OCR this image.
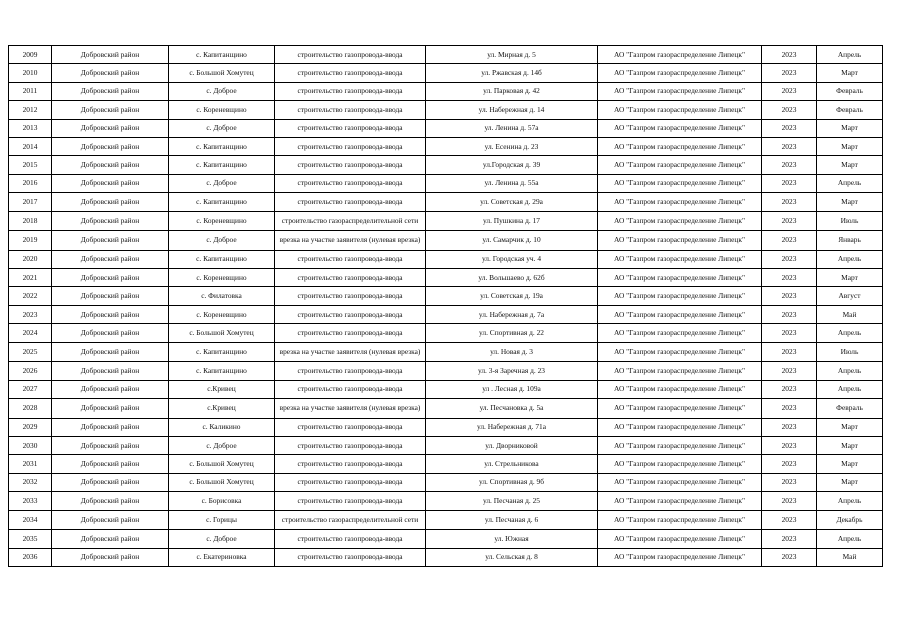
2009	Добровский район	с. Капитанщино	строительство газопровода-ввода	ул. Мирная д. 5	АО "Газпром газораспределение Липецк"	2023	Апрель
2010	Добровский район	с. Большой Хомутец	строительство газопровода-ввода	ул. Ржавская д. 14б	АО "Газпром газораспределение Липецк"	2023	Март
2011	Добровский район	с. Доброе	строительство газопровода-ввода	ул. Парковая д. 42	АО "Газпром газораспределение Липецк"	2023	Февраль
2012	Добровский район	с. Кореневщино	строительство газопровода-ввода	ул. Набережная д. 14	АО "Газпром газораспределение Липецк"	2023	Февраль
2013	Добровский район	с. Доброе	строительство газопровода-ввода	ул. Ленина д. 57а	АО "Газпром газораспределение Липецк"	2023	Март
2014	Добровский район	с. Капитанщино	строительство газопровода-ввода	ул. Есенина д. 23	АО "Газпром газораспределение Липецк"	2023	Март
2015	Добровский район	с. Капитанщино	строительство газопровода-ввода	ул.Городская д. 39	АО "Газпром газораспределение Липецк"	2023	Март
2016	Добровский район	с. Доброе	строительство газопровода-ввода	ул. Ленина д. 55а	АО "Газпром газораспределение Липецк"	2023	Апрель
2017	Добровский район	с. Капитанщино	строительство газопровода-ввода	ул. Советская д. 29а	АО "Газпром газораспределение Липецк"	2023	Март
2018	Добровский район	с. Кореневщино	строительство газораспределительной сети	ул. Пушкина д. 17	АО "Газпром газораспределение Липецк"	2023	Июль
2019	Добровский район	с. Доброе	врезка на участке заявителя (нулевая врезка)	ул. Самарчик д. 10	АО "Газпром газораспределение Липецк"	2023	Январь
2020	Добровский район	с. Капитанщино	строительство газопровода-ввода	ул. Городская уч. 4	АО "Газпром газораспределение Липецк"	2023	Апрель
2021	Добровский район	с. Кореневщино	строительство газопровода-ввода	ул. Вольшаево д. 62б	АО "Газпром газораспределение Липецк"	2023	Март
2022	Добровский район	с. Филатовка	строительство газопровода-ввода	ул. Советская д. 19а	АО "Газпром газораспределение Липецк"	2023	Август
2023	Добровский район	с. Кореневщино	строительство газопровода-ввода	ул. Набережная д. 7а	АО "Газпром газораспределение Липецк"	2023	Май
2024	Добровский район	с. Большой Хомутец	строительство газопровода-ввода	ул. Спортивная д. 22	АО "Газпром газораспределение Липецк"	2023	Апрель
2025	Добровский район	с. Капитанщино	врезка на участке заявителя (нулевая врезка)	ул. Новая д. 3	АО "Газпром газораспределение Липецк"	2023	Июль
2026	Добровский район	с. Капитанщино	строительство газопровода-ввода	ул. 3-я Заречная д. 23	АО "Газпром газораспределение Липецк"	2023	Апрель
2027	Добровский район	с.Кривец	строительство газопровода-ввода	ул . Лесная д. 109а	АО "Газпром газораспределение Липецк"	2023	Апрель
2028	Добровский район	с.Кривец	врезка на участке заявителя (нулевая врезка)	ул. Песчановка д. 5а	АО "Газпром газораспределение Липецк"	2023	Февраль
2029	Добровский район	с. Каликино	строительство газопровода-ввода	ул. Набережная д. 71а	АО "Газпром газораспределение Липецк"	2023	Март
2030	Добровский район	с. Доброе	строительство газопровода-ввода	ул. Дворниковой	АО "Газпром газораспределение Липецк"	2023	Март
2031	Добровский район	с. Большой Хомутец	строительство газопровода-ввода	ул. Стрельникова	АО "Газпром газораспределение Липецк"	2023	Март
2032	Добровский район	с. Большой Хомутец	строительство газопровода-ввода	ул. Спортивная д. 9б	АО "Газпром газораспределение Липецк"	2023	Март
2033	Добровский район	с. Борисовка	строительство газопровода-ввода	ул. Песчаная д. 25	АО "Газпром газораспределение Липецк"	2023	Апрель
2034	Добровский район	с. Горицы	строительство газораспределительной сети	ул. Песчаная д. 6	АО "Газпром газораспределение Липецк"	2023	Декабрь
2035	Добровский район	с. Доброе	строительство газопровода-ввода	ул. Южная	АО "Газпром газораспределение Липецк"	2023	Апрель
2036	Добровский район	с. Екатериновка	строительство газопровода-ввода	ул. Сельская д. 8	АО "Газпром газораспределение Липецк"	2023	Май
